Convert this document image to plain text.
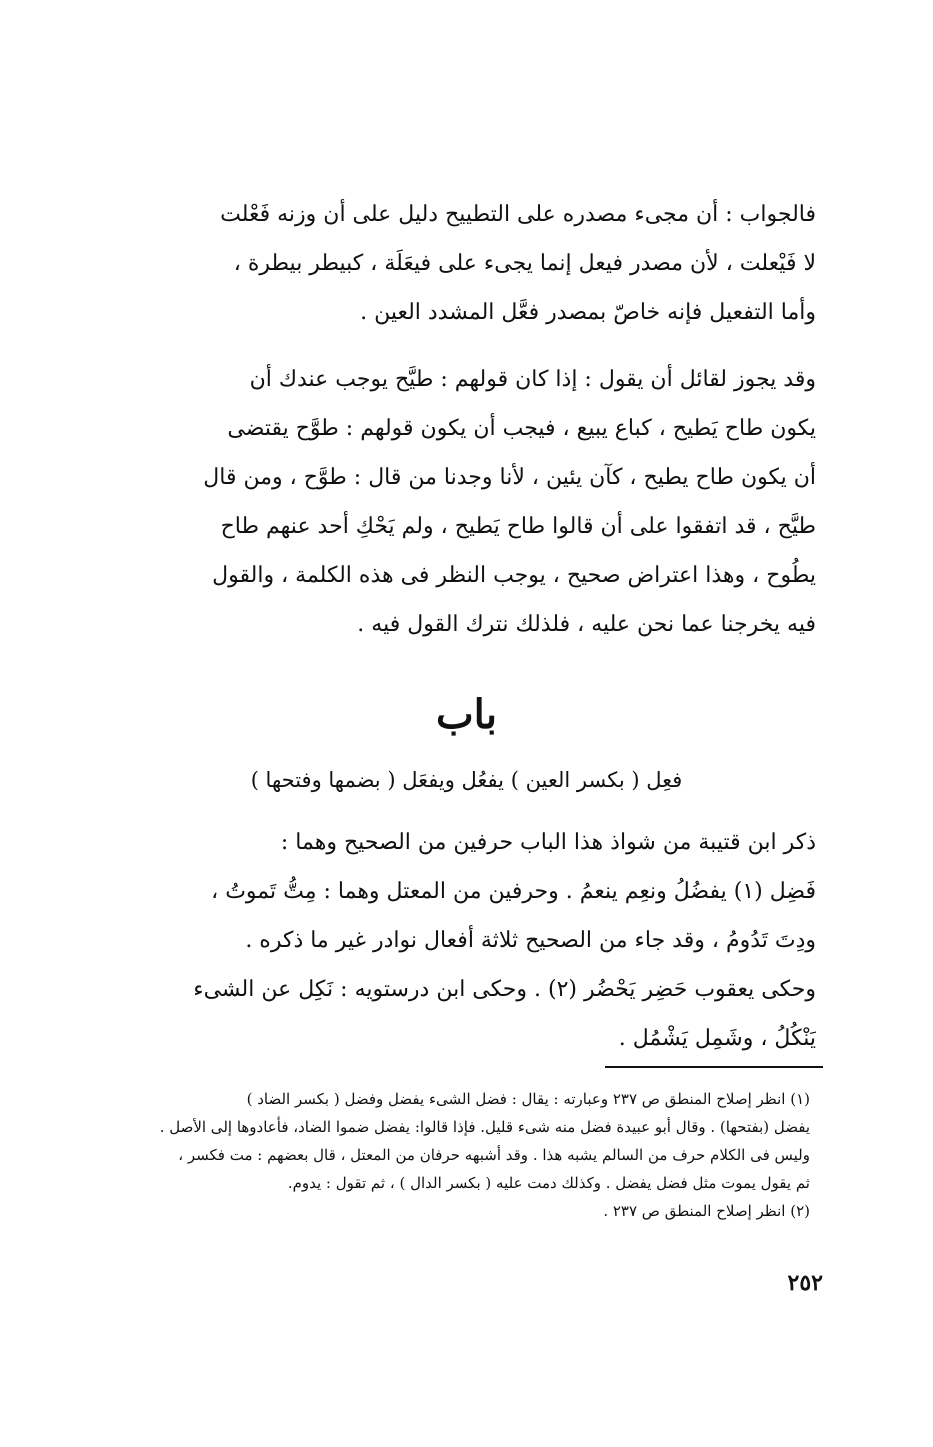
فالجواب : أن مجىء مصدره على التطييح دليل على أن وزنه فَعْلت
لا فَيْعلت ، لأن مصدر فيعل إنما يجىء على فيعَلَة ، كبيطر بيطرة ،
وأما التفعيل فإنه خاصّ بمصدر فعَّل المشدد العين .
وقد يجوز لقائل أن يقول : إذا كان قولهم : طيَّح يوجب عندك أن
يكون طاح يَطيح ، كباع يبيع ، فيجب أن يكون قولهم : طوَّح يقتضى
أن يكون طاح يطيح ، كآن يئين ، لأنا وجدنا من قال : طوَّح ، ومن قال
طيَّح ، قد اتفقوا على أن قالوا طاح يَطيح ، ولم يَحْكِ أحد عنهم طاح
يطُوح ، وهذا اعتراض صحيح ، يوجب النظر فى هذه الكلمة ، والقول
فيه يخرجنا عما نحن عليه ، فلذلك نترك القول فيه .
باب
فعِل ( بكسر العين ) يفعُل ويفعَل ( بضمها وفتحها )
ذكر ابن قتيبة من شواذ هذا الباب حرفين من الصحيح وهما :
فَضِل (١) يفضُلُ ونعِم ينعمُ . وحرفين من المعتل وهما : مِتُّ تَموتُ ،
ودِتَ تَدُومُ ، وقد جاء من الصحيح ثلاثة أفعال نوادر غير ما ذكره .
وحكى يعقوب حَضِر يَحْضُر (٢) . وحكى ابن درستويه : نَكِل عن الشىء
يَنْكُلُ ، وشَمِل يَشْمُل .
(١) انظر إصلاح المنطق ص ٢٣٧ وعبارته : يقال : فضل الشىء يفضل وفضل ( بكسر الضاد )
يفضل (بفتحها) . وقال أبو عبيدة فضل منه شىء قليل. فإذا قالوا: يفضل ضموا الضاد، فأعادوها إلى الأصل .
وليس فى الكلام حرف من السالم يشبه هذا . وقد أشبهه حرفان من المعتل ، قال بعضهم : مت فكسر ،
ثم يقول يموت مثل فضل يفضل . وكذلك دمت عليه ( بكسر الدال ) ، ثم تقول : يدوم.
(٢) انظر إصلاح المنطق ص ٢٣٧ .
٢٥٢
